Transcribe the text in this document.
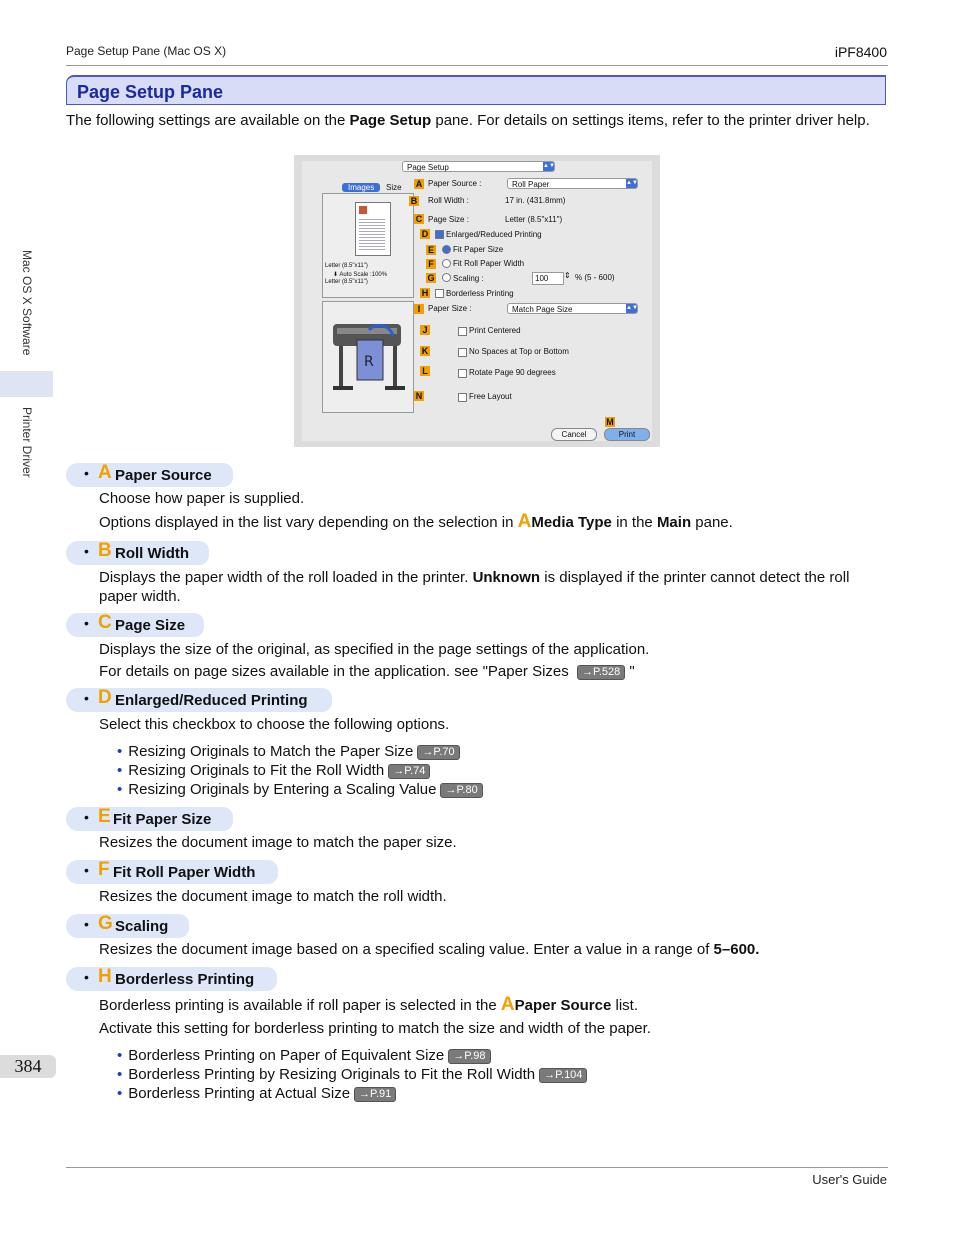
Page Setup Pane (Mac OS X)	iPF8400
Mac OS X Software
Printer Driver
Page Setup Pane
The following settings are available on the Page Setup pane. For details on settings items, refer to the printer driver help.
Page Setup	▲▼
Images	Size
Letter (8.5"x11")
⬇ Auto Scale :100%
Letter (8.5"x11")
R
A Paper Source :	Roll Paper	▲▼
B Roll Width :	17 in. (431.8mm)
C Page Size :	Letter (8.5"x11")
D Enlarged/Reduced Printing
E Fit Paper Size
F Fit Roll Paper Width
G Scaling :	100	⇕ % (5 - 600)
H Borderless Printing
I Paper Size :	Match Page Size	▲▼
J	Print Centered
K	No Spaces at Top or Bottom
L	Rotate Page 90 degrees
N	Free Layout
M
Cancel	Print
• A Paper Source
Choose how paper is supplied.
Options displayed in the list vary depending on the selection in AMedia Type in the Main pane.
• B Roll Width
Displays the paper width of the roll loaded in the printer. Unknown is displayed if the printer cannot detect the roll paper width.
• C Page Size
Displays the size of the original, as specified in the page settings of the application.
For details on page sizes available in the application. see "Paper Sizes →P.528 "
• D Enlarged/Reduced Printing
Select this checkbox to choose the following options.
• Resizing Originals to Match the Paper Size →P.70
• Resizing Originals to Fit the Roll Width →P.74
• Resizing Originals by Entering a Scaling Value →P.80
• E Fit Paper Size
Resizes the document image to match the paper size.
• F Fit Roll Paper Width
Resizes the document image to match the roll width.
• G Scaling
Resizes the document image based on a specified scaling value. Enter a value in a range of 5–600.
• H Borderless Printing
Borderless printing is available if roll paper is selected in the APaper Source list.
Activate this setting for borderless printing to match the size and width of the paper.
• Borderless Printing on Paper of Equivalent Size →P.98
• Borderless Printing by Resizing Originals to Fit the Roll Width →P.104
• Borderless Printing at Actual Size →P.91
384
User's Guide
